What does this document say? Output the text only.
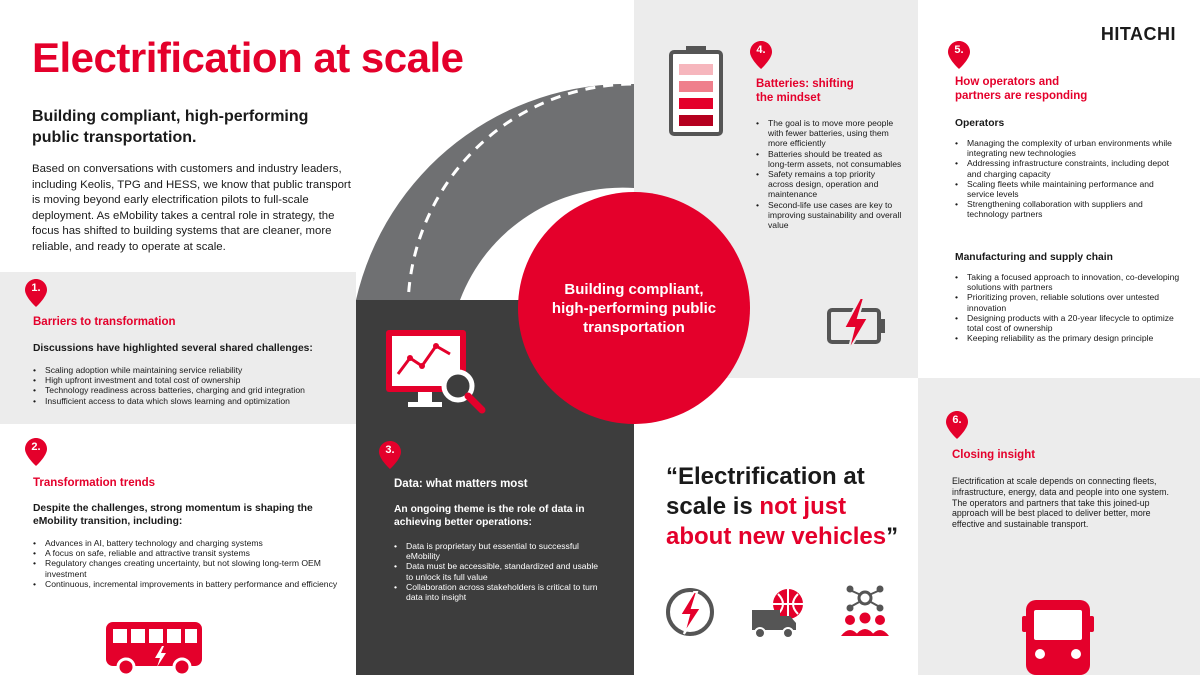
Building compliant, high-performing public transportation
HITACHI
Electrification at scale
Building compliant, high-performing public transportation.
Based on conversations with customers and industry leaders, including Keolis, TPG and HESS, we know that public transport is moving beyond early electrification pilots to full-scale deployment. As eMobility takes a central role in strategy, the focus has shifted to building systems that are cleaner, more reliable, and ready to operate at scale.
1.
Barriers to transformation
Discussions have highlighted several shared challenges:
• Scaling adoption while maintaining service reliability
• High upfront investment and total cost of ownership
• Technology readiness across batteries, charging and grid integration
• Insufficient access to data which slows learning and optimization
2.
Transformation trends
Despite the challenges, strong momentum is shaping the eMobility transition, including:
• Advances in AI, battery technology and charging systems
• A focus on safe, reliable and attractive transit systems
• Regulatory changes creating uncertainty, but not slowing long-term OEM investment
• Continuous, incremental improvements in battery performance and efficiency
3.
Data: what matters most
An ongoing theme is the role of data in achieving better operations:
• Data is proprietary but essential to successful eMobility
• Data must be accessible, standardized and usable to unlock its full value
• Collaboration across stakeholders is critical to turn data into insight
4.
Batteries: shifting
the mindset
• The goal is to move more people with fewer batteries, using them more efficiently
• Batteries should be treated as long-term assets, not consumables
• Safety remains a top priority across design, operation and maintenance
• Second-life use cases are key to improving sustainability and overall value
5.
How operators and
partners are responding
Operators
• Managing the complexity of urban environments while integrating new technologies
• Addressing infrastructure constraints, including depot and charging capacity
• Scaling fleets while maintaining performance and service levels
• Strengthening collaboration with suppliers and technology partners
Manufacturing and supply chain
• Taking a focused approach to innovation, co-developing solutions with partners
• Prioritizing proven, reliable solutions over untested innovation
• Designing products with a 20-year lifecycle to optimize total cost of ownership
• Keeping reliability as the primary design principle
“Electrification at scale is not just about new vehicles”
6.
Closing insight
Electrification at scale depends on connecting fleets, infrastructure, energy, data and people into one system. The operators and partners that take this joined-up approach will be best placed to deliver better, more effective and sustainable transport.
